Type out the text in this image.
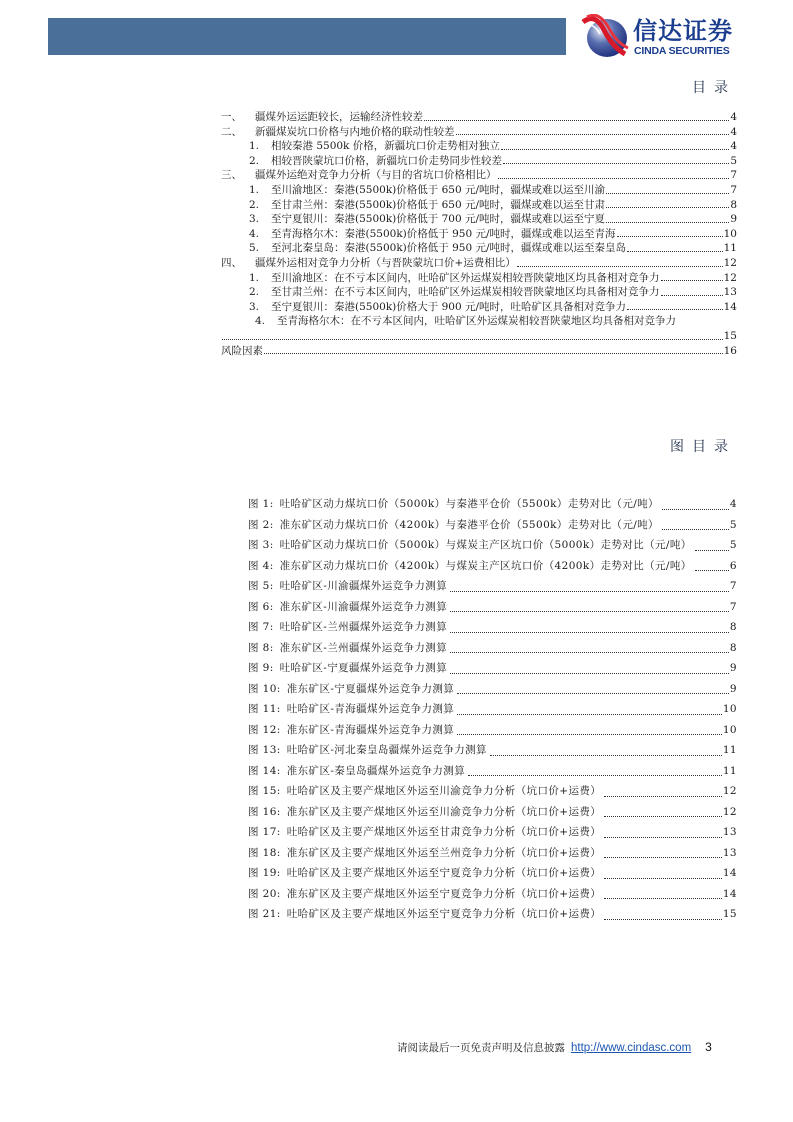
信达证券
CINDA SECURITIES
目录
一、	疆煤外运运距较长，运输经济性较差	4
二、	新疆煤炭坑口价格与内地价格的联动性较差	4
1.	相较秦港 5500k 价格，新疆坑口价走势相对独立	4
2.	相较晋陕蒙坑口价格，新疆坑口价走势同步性较差	5
三、	疆煤外运绝对竞争力分析（与目的省坑口价格相比）	7
1.	至川渝地区：秦港(5500k)价格低于 650 元/吨时，疆煤或难以运至川渝	7
2.	至甘肃兰州：秦港(5500k)价格低于 650 元/吨时，疆煤或难以运至甘肃	8
3.	至宁夏银川：秦港(5500k)价格低于 700 元/吨时，疆煤或难以运至宁夏	9
4.	至青海格尔木：秦港(5500k)价格低于 950 元/吨时，疆煤或难以运至青海	10
5.	至河北秦皇岛：秦港(5500k)价格低于 950 元/吨时，疆煤或难以运至秦皇岛	11
四、	疆煤外运相对竞争力分析（与晋陕蒙坑口价+运费相比）	12
1.	至川渝地区：在不亏本区间内，吐哈矿区外运煤炭相较晋陕蒙地区均具备相对竞争力	12
2.	至甘肃兰州：在不亏本区间内，吐哈矿区外运煤炭相较晋陕蒙地区均具备相对竞争力	13
3.	至宁夏银川：秦港(5500k)价格大于 900 元/吨时，吐哈矿区具备相对竞争力	14
4.	至青海格尔木：在不亏本区间内，吐哈矿区外运煤炭相较晋陕蒙地区均具备相对竞争力
15
风险因素	16
图目录
图 1: 吐哈矿区动力煤坑口价（5000k）与秦港平仓价（5500k）走势对比（元/吨）	4
图 2: 准东矿区动力煤坑口价（4200k）与秦港平仓价（5500k）走势对比（元/吨）	5
图 3: 吐哈矿区动力煤坑口价（5000k）与煤炭主产区坑口价（5000k）走势对比（元/吨）	5
图 4: 准东矿区动力煤坑口价（4200k）与煤炭主产区坑口价（4200k）走势对比（元/吨）	6
图 5: 吐哈矿区-川渝疆煤外运竞争力测算	7
图 6: 准东矿区-川渝疆煤外运竞争力测算	7
图 7: 吐哈矿区-兰州疆煤外运竞争力测算	8
图 8: 准东矿区-兰州疆煤外运竞争力测算	8
图 9: 吐哈矿区-宁夏疆煤外运竞争力测算	9
图 10: 准东矿区-宁夏疆煤外运竞争力测算	9
图 11: 吐哈矿区-青海疆煤外运竞争力测算	10
图 12: 准东矿区-青海疆煤外运竞争力测算	10
图 13: 吐哈矿区-河北秦皇岛疆煤外运竞争力测算	11
图 14: 准东矿区-秦皇岛疆煤外运竞争力测算	11
图 15: 吐哈矿区及主要产煤地区外运至川渝竞争力分析（坑口价+运费）	12
图 16: 准东矿区及主要产煤地区外运至川渝竞争力分析（坑口价+运费）	12
图 17: 吐哈矿区及主要产煤地区外运至甘肃竞争力分析（坑口价+运费）	13
图 18: 准东矿区及主要产煤地区外运至兰州竞争力分析（坑口价+运费）	13
图 19: 吐哈矿区及主要产煤地区外运至宁夏竞争力分析（坑口价+运费）	14
图 20: 准东矿区及主要产煤地区外运至宁夏竞争力分析（坑口价+运费）	14
图 21: 吐哈矿区及主要产煤地区外运至宁夏竞争力分析（坑口价+运费）	15
请阅读最后一页免责声明及信息披露 http://www.cindasc.com 3
